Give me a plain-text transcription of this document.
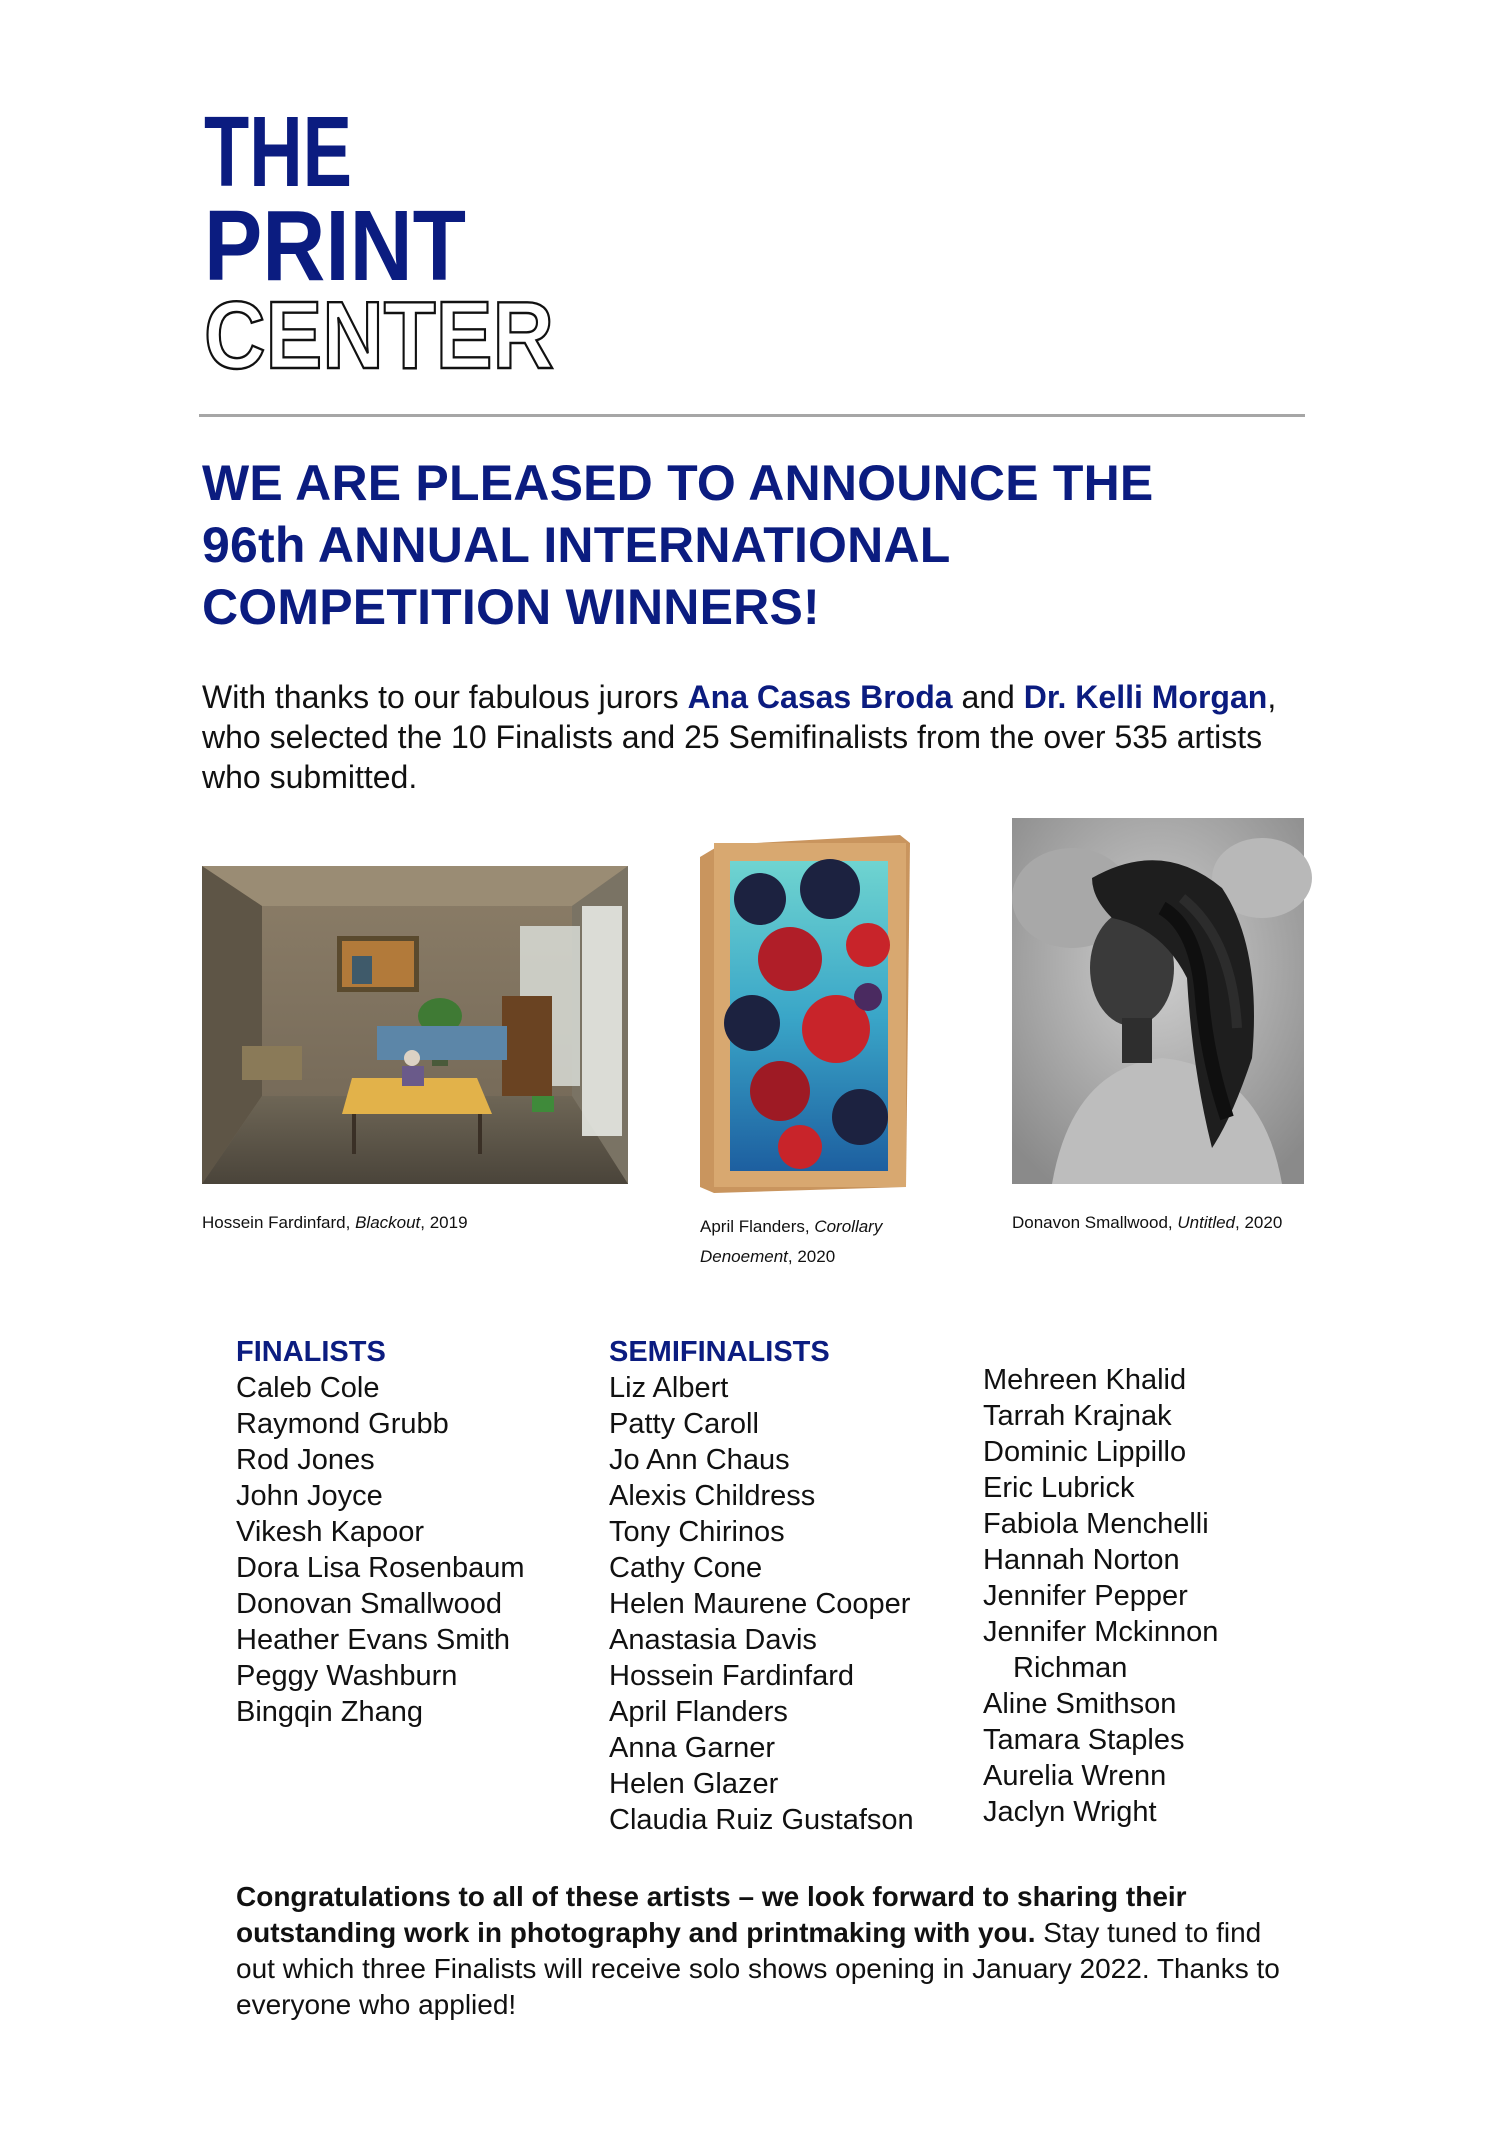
THE
PRINT
CENTER
WE ARE PLEASED TO ANNOUNCE THE
96th ANNUAL INTERNATIONAL
COMPETITION WINNERS!

With thanks to our fabulous jurors Ana Casas Broda and Dr. Kelli Morgan, who selected the 10 Finalists and 25 Semifinalists from the over 535 artists who submitted.

Hossein Fardinfard, Blackout, 2019	April Flanders, Corollary Denoement, 2020

Donavon Smallwood, Untitled, 2020

FINALISTS
Caleb Cole
Raymond Grubb
Rod Jones
John Joyce
Vikesh Kapoor
Dora Lisa Rosenbaum
Donovan Smallwood
Heather Evans Smith
Peggy Washburn
Bingqin Zhang
SEMIFINALISTS
Liz Albert
Patty Caroll
Jo Ann Chaus
Alexis Childress
Tony Chirinos
Cathy Cone
Helen Maurene Cooper
Anastasia Davis
Hossein Fardinfard
April Flanders
Anna Garner
Helen Glazer
Claudia Ruiz Gustafson
Mehreen Khalid
Tarrah Krajnak
Dominic Lippillo
Eric Lubrick
Fabiola Menchelli
Hannah Norton
Jennifer Pepper
Jennifer Mckinnon
Richman
Aline Smithson
Tamara Staples
Aurelia Wrenn
Jaclyn Wright

Congratulations to all of these artists – we look forward to sharing their outstanding work in photography and printmaking with you. Stay tuned to find out which three Finalists will receive solo shows opening in January 2022. Thanks to everyone who applied!
